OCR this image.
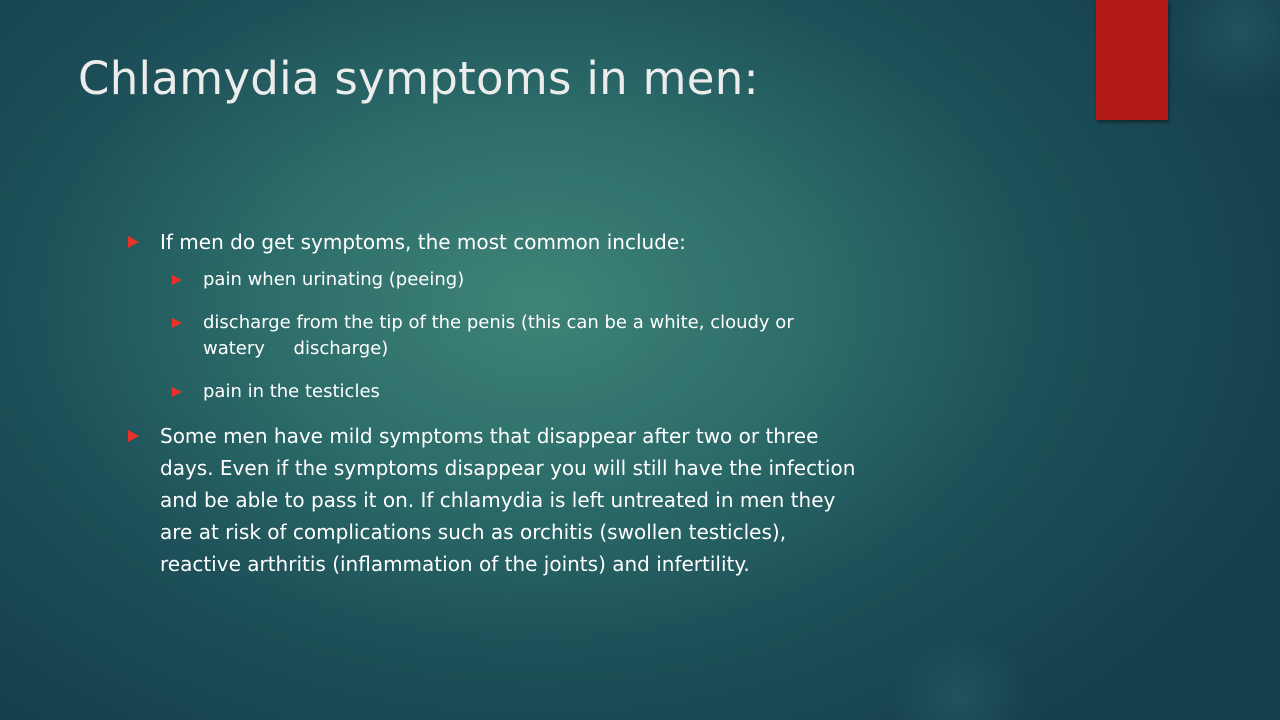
Chlamydia symptoms in men:
If men do get symptoms, the most common include:
pain when urinating (peeing)
discharge from the tip of the penis (this can be a white, cloudy or
watery     discharge)
pain in the testicles
Some men have mild symptoms that disappear after two or three
days. Even if the symptoms disappear you will still have the infection
and be able to pass it on. If chlamydia is left untreated in men they
are at risk of complications such as orchitis (swollen testicles),
reactive arthritis (inflammation of the joints) and infertility.
